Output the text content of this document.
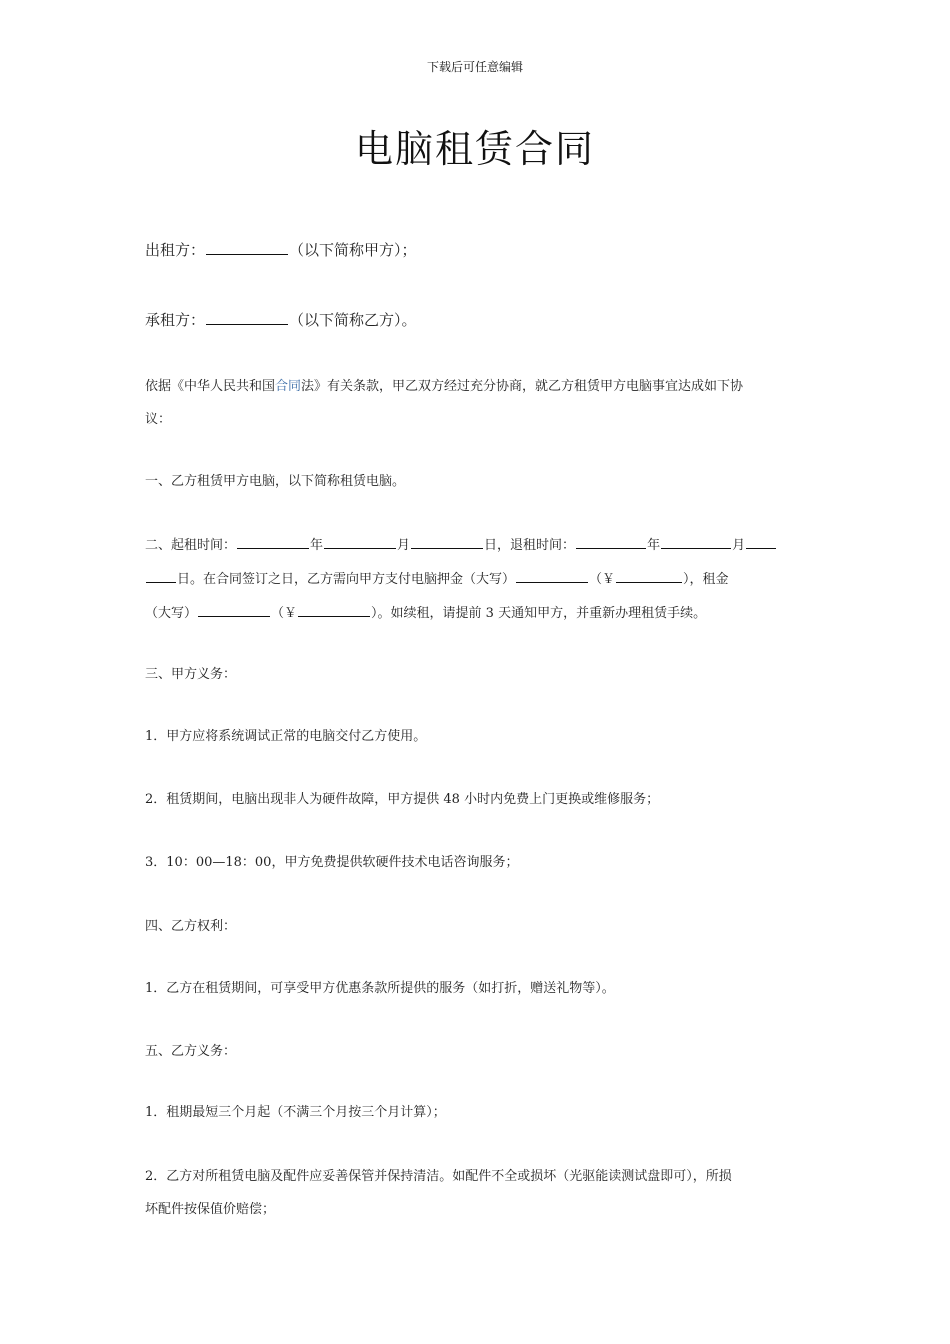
下载后可任意编辑
电脑租赁合同
出租方：	（以下简称甲方）；
承租方：	（以下简称乙方）。
依据《中华人民共和国合同法》有关条款，甲乙双方经过充分协商，就乙方租赁甲方电脑事宜达成如下协
议：
一、乙方租赁甲方电脑，以下简称租赁电脑。
二、起租时间：	年	月	日，退租时间：	年	月
日。在合同签订之日，乙方需向甲方支付电脑押金（大写）	（￥	），租金
（大写）	（￥	）。如续租，请提前 3 天通知甲方，并重新办理租赁手续。
三、甲方义务：
1．甲方应将系统调试正常的电脑交付乙方使用。
2．租赁期间，电脑出现非人为硬件故障，甲方提供 48 小时内免费上门更换或维修服务；
3．10：00—18：00，甲方免费提供软硬件技术电话咨询服务；
四、乙方权利：
1．乙方在租赁期间，可享受甲方优惠条款所提供的服务（如打折，赠送礼物等）。
五、乙方义务：
1．租期最短三个月起（不满三个月按三个月计算）；
2．乙方对所租赁电脑及配件应妥善保管并保持清洁。如配件不全或损坏（光驱能读测试盘即可），所损
坏配件按保值价赔偿；
